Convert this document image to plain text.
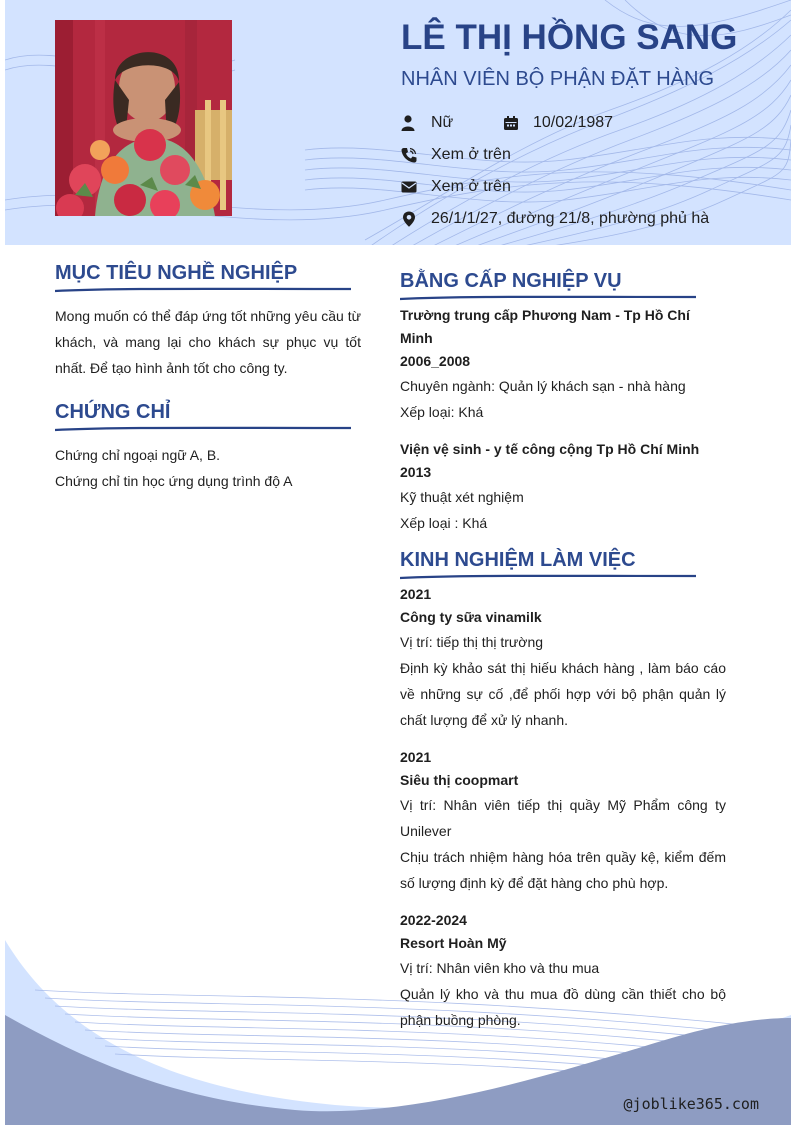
LÊ THỊ HỒNG SANG
NHÂN VIÊN BỘ PHẬN ĐẶT HÀNG
Nữ	10/02/1987
Xem ở trên
Xem ở trên
26/1/1/27, đường 21/8, phường phủ hà
@joblike365.com
MỤC TIÊU NGHỀ NGHIỆP
Mong muốn có thể đáp ứng tốt những yêu cầu từ khách, và mang lại cho khách sự phục vụ tốt nhất. Để tạo hình ảnh tốt cho công ty.
CHỨNG CHỈ
Chứng chỉ ngoại ngữ A, B.
Chứng chỉ tin học ứng dụng trình độ A
BẰNG CẤP NGHIỆP VỤ
Trường trung cấp Phương Nam - Tp Hồ Chí Minh
2006_2008
Chuyên ngành: Quản lý khách sạn - nhà hàng
Xếp loại: Khá
Viện vệ sinh - y tế công cộng Tp Hồ Chí Minh
2013
Kỹ thuật xét nghiệm
Xếp loại : Khá
KINH NGHIỆM LÀM VIỆC
2021
Công ty sữa vinamilk
Vị trí: tiếp thị thị trường
Định kỳ khảo sát thị hiếu khách hàng , làm báo cáo về những sự cố ,để phối hợp với bộ phận quản lý chất lượng để xử lý nhanh.
2021
Siêu thị coopmart
Vị trí: Nhân viên tiếp thị quầy Mỹ Phẩm công ty Unilever
Chịu trách nhiệm hàng hóa trên quầy kệ, kiểm đếm số lượng định kỳ để đặt hàng cho phù hợp.
2022-2024
Resort Hoàn Mỹ
Vị trí: Nhân viên kho và thu mua
Quản lý kho và thu mua đồ dùng cần thiết cho bộ phận buồng phòng.
